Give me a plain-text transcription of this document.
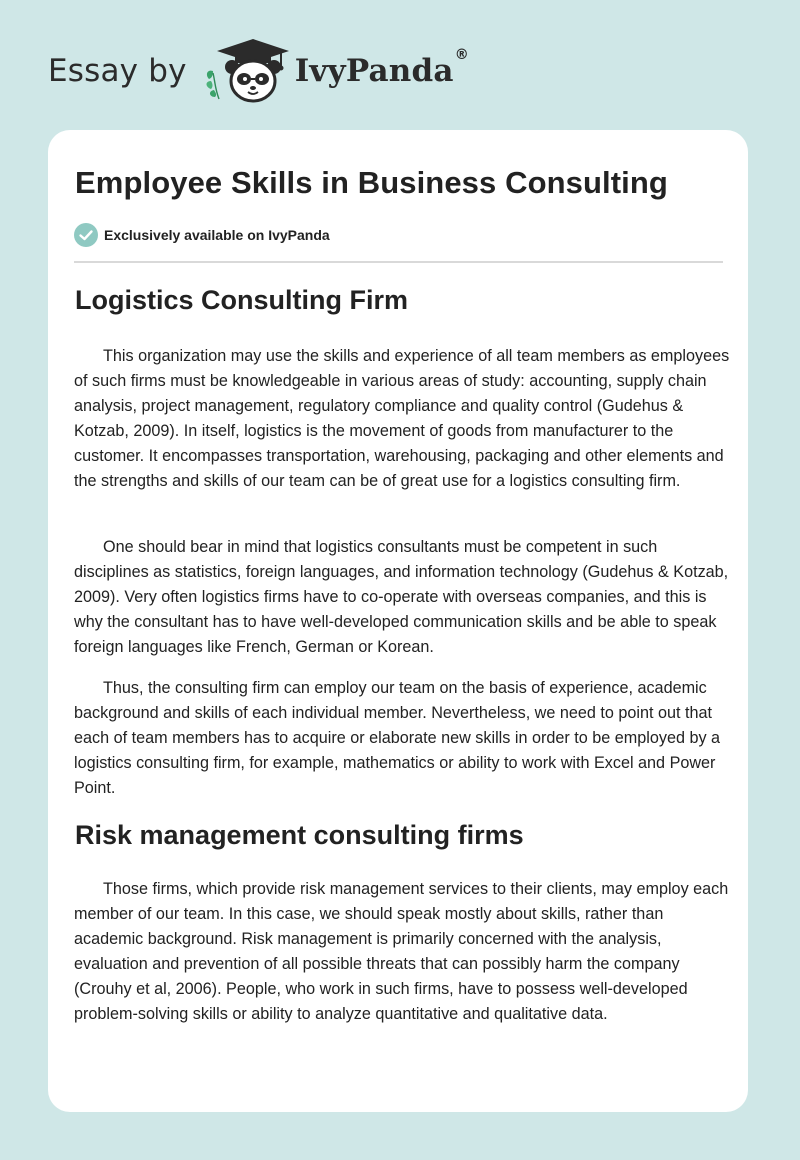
Essay by	IvyPanda®
Employee Skills in Business Consulting
Exclusively available on IvyPanda
Logistics Consulting Firm

This organization may use the skills and experience of all team members as employees of such firms must be knowledgeable in various areas of study: accounting, supply chain analysis, project management, regulatory compliance and quality control (Gudehus & Kotzab, 2009). In itself, logistics is the movement of goods from manufacturer to the customer. It encompasses transportation, warehousing, packaging and other elements and the strengths and skills of our team can be of great use for a logistics consulting firm.

One should bear in mind that logistics consultants must be competent in such disciplines as statistics, foreign languages, and information technology (Gudehus & Kotzab, 2009). Very often logistics firms have to co-operate with overseas companies, and this is why the consultant has to have well-developed communication skills and be able to speak foreign languages like French, German or Korean.

Thus, the consulting firm can employ our team on the basis of experience, academic background and skills of each individual member. Nevertheless, we need to point out that each of team members has to acquire or elaborate new skills in order to be employed by a logistics consulting firm, for example, mathematics or ability to work with Excel and Power Point.

Risk management consulting firms

Those firms, which provide risk management services to their clients, may employ each member of our team. In this case, we should speak mostly about skills, rather than academic background. Risk management is primarily concerned with the analysis, evaluation and prevention of all possible threats that can possibly harm the company (Crouhy et al, 2006). People, who work in such firms, have to possess well-developed problem-solving skills or ability to analyze quantitative and qualitative data.
